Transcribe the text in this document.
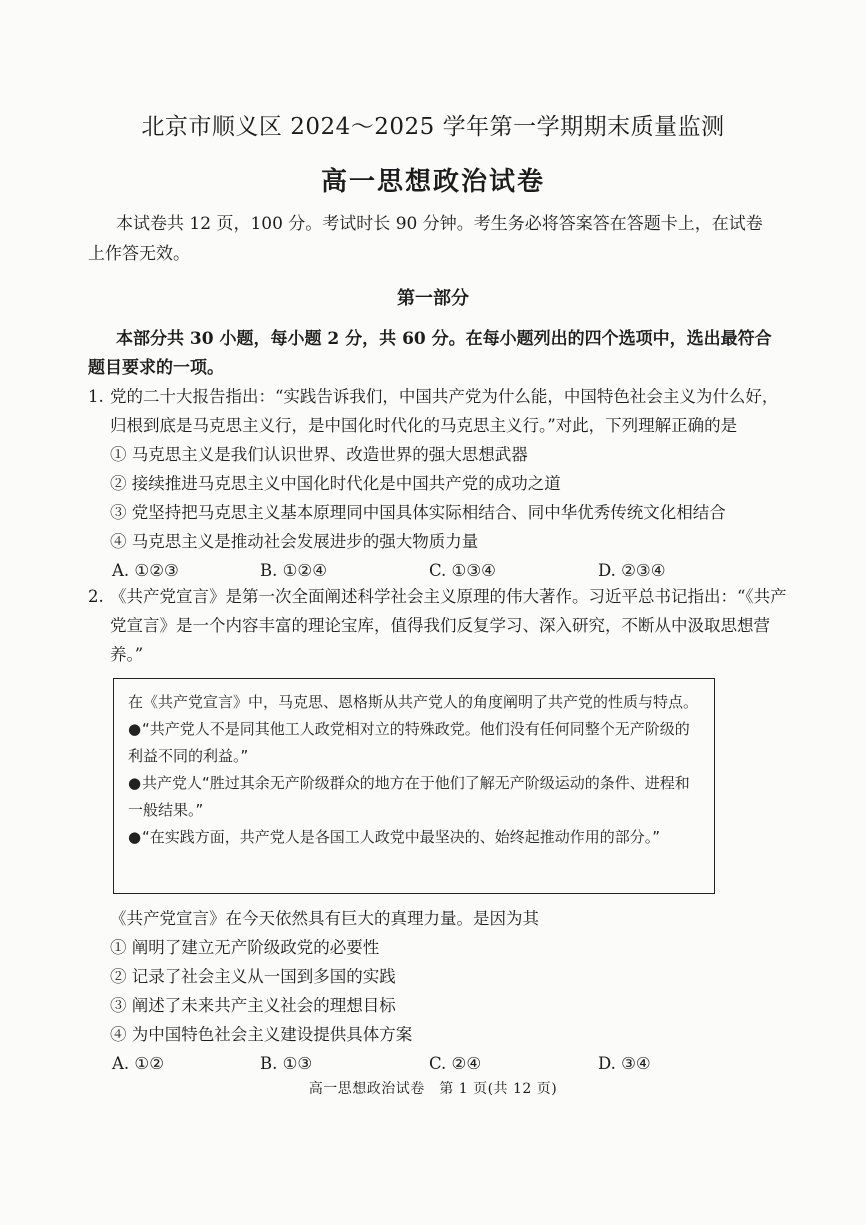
北京市顺义区 2024～2025 学年第一学期期末质量监测
高一思想政治试卷
本试卷共 12 页，100 分。考试时长 90 分钟。考生务必将答案答在答题卡上，在试卷上作答无效。
第一部分
本部分共 30 小题，每小题 2 分，共 60 分。在每小题列出的四个选项中，选出最符合题目要求的一项。
1. 党的二十大报告指出：“实践告诉我们，中国共产党为什么能，中国特色社会主义为什么好，归根到底是马克思主义行，是中国化时代化的马克思主义行。”对此，下列理解正确的是
① 马克思主义是我们认识世界、改造世界的强大思想武器
② 接续推进马克思主义中国化时代化是中国共产党的成功之道
③ 党坚持把马克思主义基本原理同中国具体实际相结合、同中华优秀传统文化相结合
④ 马克思主义是推动社会发展进步的强大物质力量
A. ①②③	B. ①②④	C. ①③④	D. ②③④
2. 《共产党宣言》是第一次全面阐述科学社会主义原理的伟大著作。习近平总书记指出：“《共产党宣言》是一个内容丰富的理论宝库，值得我们反复学习、深入研究，不断从中汲取思想营养。”

在《共产党宣言》中，马克思、恩格斯从共产党人的角度阐明了共产党的性质与特点。

●“共产党人不是同其他工人政党相对立的特殊政党。他们没有任何同整个无产阶级的利益不同的利益。”

●共产党人“胜过其余无产阶级群众的地方在于他们了解无产阶级运动的条件、进程和一般结果。”

●“在实践方面，共产党人是各国工人政党中最坚决的、始终起推动作用的部分。”

《共产党宣言》在今天依然具有巨大的真理力量。是因为其
① 阐明了建立无产阶级政党的必要性
② 记录了社会主义从一国到多国的实践
③ 阐述了未来共产主义社会的理想目标
④ 为中国特色社会主义建设提供具体方案
A. ①②	B. ①③	C. ②④	D. ③④
高一思想政治试卷　第 1 页(共 12 页)
